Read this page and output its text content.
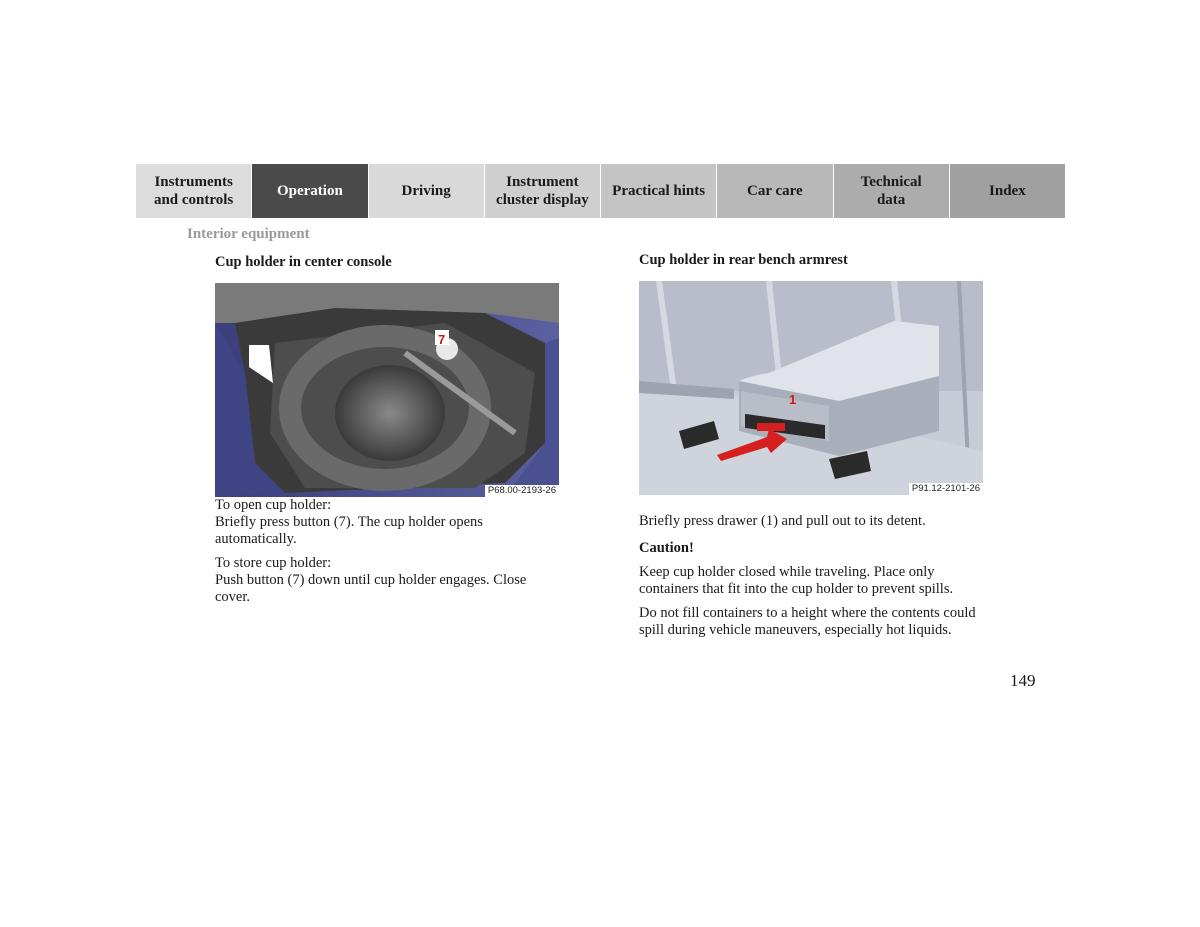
Instruments
and controls
Operation	Driving
Instrument
cluster display
Practical hints	Car care
Technical
data
Index
Interior equipment
Cup holder in center console
7
P68.00-2193-26

To open cup holder:
Briefly press button (7). The cup holder opens automatically.

To store cup holder:
Push button (7) down until cup holder engages. Close cover.

Cup holder in rear bench armrest
1
P91.12-2101-26

Briefly press drawer (1) and pull out to its detent.

Caution!

Keep cup holder closed while traveling. Place only containers that fit into the cup holder to prevent spills.

Do not fill containers to a height where the contents could spill during vehicle maneuvers, especially hot liquids.

149
